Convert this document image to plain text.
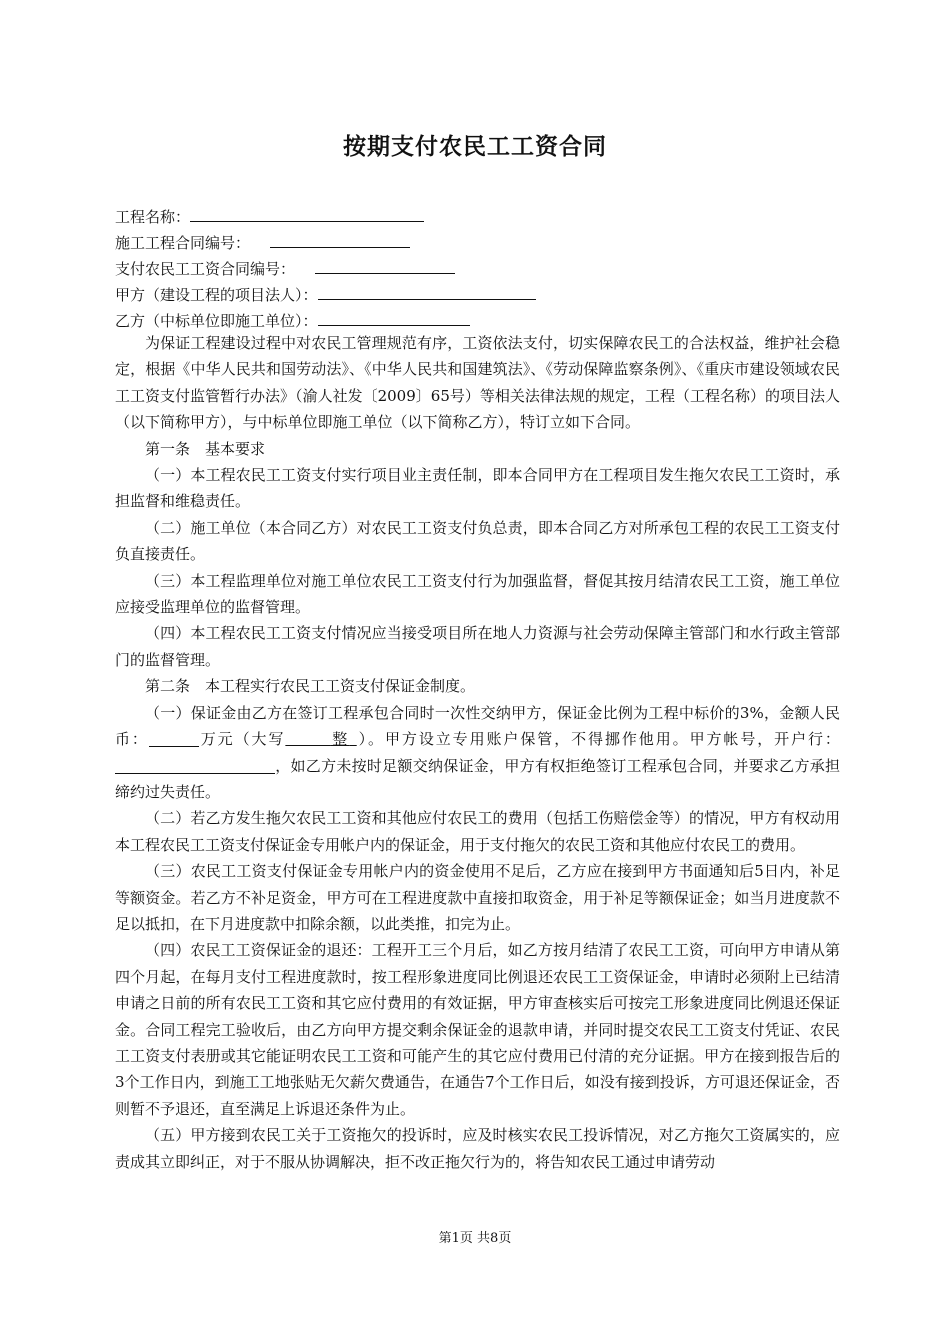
按期支付农民工工资合同
工程名称：
施工工程合同编号：
支付农民工工资合同编号：
甲方（建设工程的项目法人）：
乙方（中标单位即施工单位）：

为保证工程建设过程中对农民工管理规范有序，工资依法支付，切实保障农民工的合法权益，维护社会稳定，根据《中华人民共和国劳动法》、《中华人民共和国建筑法》、《劳动保障监察条例》、《重庆市建设领域农民工工资支付监管暂行办法》（渝人社发〔2009〕65号）等相关法律法规的规定，工程（工程名称）的项目法人（以下简称甲方），与中标单位即施工单位（以下简称乙方），特订立如下合同。

第一条　基本要求

（一）本工程农民工工资支付实行项目业主责任制，即本合同甲方在工程项目发生拖欠农民工工资时，承担监督和维稳责任。

（二）施工单位（本合同乙方）对农民工工资支付负总责，即本合同乙方对所承包工程的农民工工资支付负直接责任。

（三）本工程监理单位对施工单位农民工工资支付行为加强监督，督促其按月结清农民工工资，施工单位应接受监理单位的监督管理。

（四）本工程农民工工资支付情况应当接受项目所在地人力资源与社会劳动保障主管部门和水行政主管部门的监督管理。

第二条　本工程实行农民工工资支付保证金制度。

（一）保证金由乙方在签订工程承包合同时一次性交纳甲方，保证金比例为工程中标价的3%，金额人民币：	万元（大写   	整  ）。甲方设立专用账户保管，不得挪作他用。甲方帐号，开户行：，如乙方未按时足额交纳保证金，甲方有权拒绝签订工程承包合同，并要求乙方承担缔约过失责任。

（二）若乙方发生拖欠农民工工资和其他应付农民工的费用（包括工伤赔偿金等）的情况，甲方有权动用本工程农民工工资支付保证金专用帐户内的保证金，用于支付拖欠的农民工资和其他应付农民工的费用。

（三）农民工工资支付保证金专用帐户内的资金使用不足后，乙方应在接到甲方书面通知后5日内，补足等额资金。若乙方不补足资金，甲方可在工程进度款中直接扣取资金，用于补足等额保证金；如当月进度款不足以抵扣，在下月进度款中扣除余额，以此类推，扣完为止。

（四）农民工工资保证金的退还：工程开工三个月后，如乙方按月结清了农民工工资，可向甲方申请从第四个月起，在每月支付工程进度款时，按工程形象进度同比例退还农民工工资保证金，申请时必须附上已结清申请之日前的所有农民工工资和其它应付费用的有效证据，甲方审查核实后可按完工形象进度同比例退还保证金。合同工程完工验收后，由乙方向甲方提交剩余保证金的退款申请，并同时提交农民工工资支付凭证、农民工工资支付表册或其它能证明农民工工资和可能产生的其它应付费用已付清的充分证据。甲方在接到报告后的3个工作日内，到施工工地张贴无欠薪欠费通告，在通告7个工作日后，如没有接到投诉，方可退还保证金，否则暂不予退还，直至满足上诉退还条件为止。

（五）甲方接到农民工关于工资拖欠的投诉时，应及时核实农民工投诉情况，对乙方拖欠工资属实的，应责成其立即纠正，对于不服从协调解决，拒不改正拖欠行为的，将告知农民工通过申请劳动

第1页 共8页
